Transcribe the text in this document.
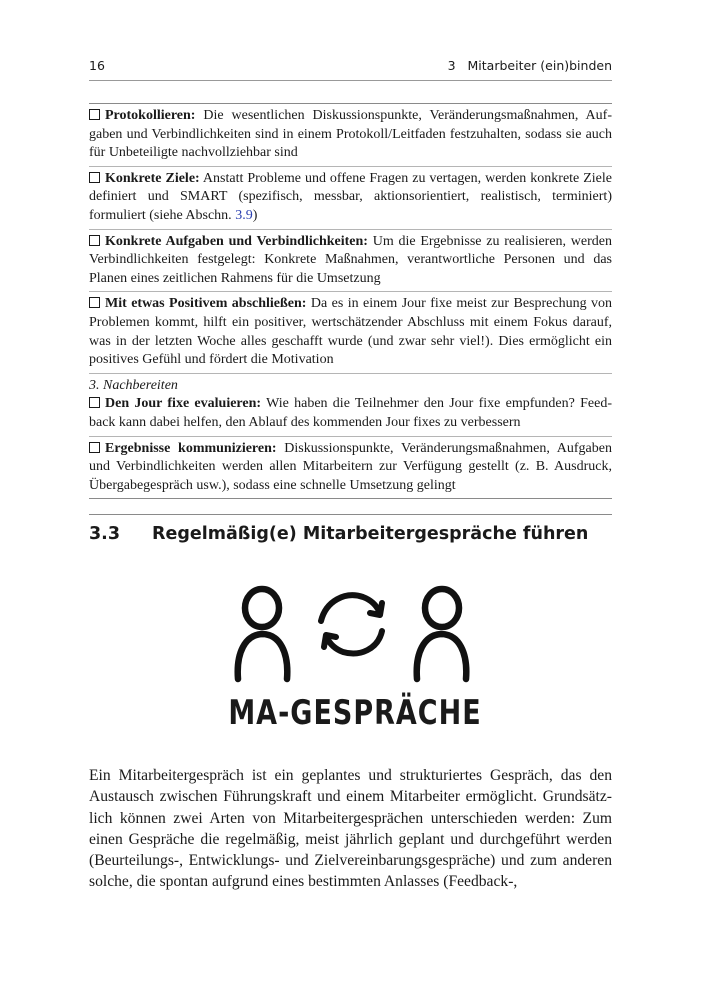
16	3   Mitarbeiter (ein)binden

Protokollieren: Die wesentlichen Diskussionspunkte, Veränderungsmaßnahmen, Aufgaben und Verbindlichkeiten sind in einem Protokoll/Leitfaden festzuhalten, sodass sie auch für Unbeteiligte nachvollziehbar sind

Konkrete Ziele: Anstatt Probleme und offene Fragen zu vertagen, werden konkrete Ziele definiert und SMART (spezifisch, messbar, aktionsorientiert, realistisch, terminiert) formuliert (siehe Abschn. 3.9)

Konkrete Aufgaben und Verbindlichkeiten: Um die Ergebnisse zu realisieren, werden Verbindlichkeiten festgelegt: Konkrete Maßnahmen, verantwortliche Personen und das Planen eines zeitlichen Rahmens für die Umsetzung

Mit etwas Positivem abschließen: Da es in einem Jour fixe meist zur Besprechung von Problemen kommt, hilft ein positiver, wertschätzender Abschluss mit einem Fokus darauf, was in der letzten Woche alles geschafft wurde (und zwar sehr viel!). Dies ermöglicht ein positives Gefühl und fördert die Motivation

3. Nachbereiten

Den Jour fixe evaluieren: Wie haben die Teilnehmer den Jour fixe empfunden? Feedback kann dabei helfen, den Ablauf des kommenden Jour fixes zu verbessern

Ergebnisse kommunizieren: Diskussionspunkte, Veränderungsmaßnahmen, Aufgaben und Verbindlichkeiten werden allen Mitarbeitern zur Verfügung gestellt (z. B. Ausdruck, Übergabegespräch usw.), sodass eine schnelle Umsetzung gelingt

3.3 Regelmäßig(e) Mitarbeitergespräche führen
MA-GESPRÄCHE

Ein Mitarbeitergespräch ist ein geplantes und strukturiertes Gespräch, das den Austausch zwischen Führungskraft und einem Mitarbeiter ermöglicht. Grundsätzlich können zwei Arten von Mitarbeitergesprächen unterschieden werden: Zum einen Gespräche die regelmäßig, meist jährlich geplant und durchgeführt werden (Beurteilungs-, Entwicklungs- und Zielvereinbarungsgespräche) und zum anderen solche, die spontan aufgrund eines bestimmten Anlasses (Feedback-,
